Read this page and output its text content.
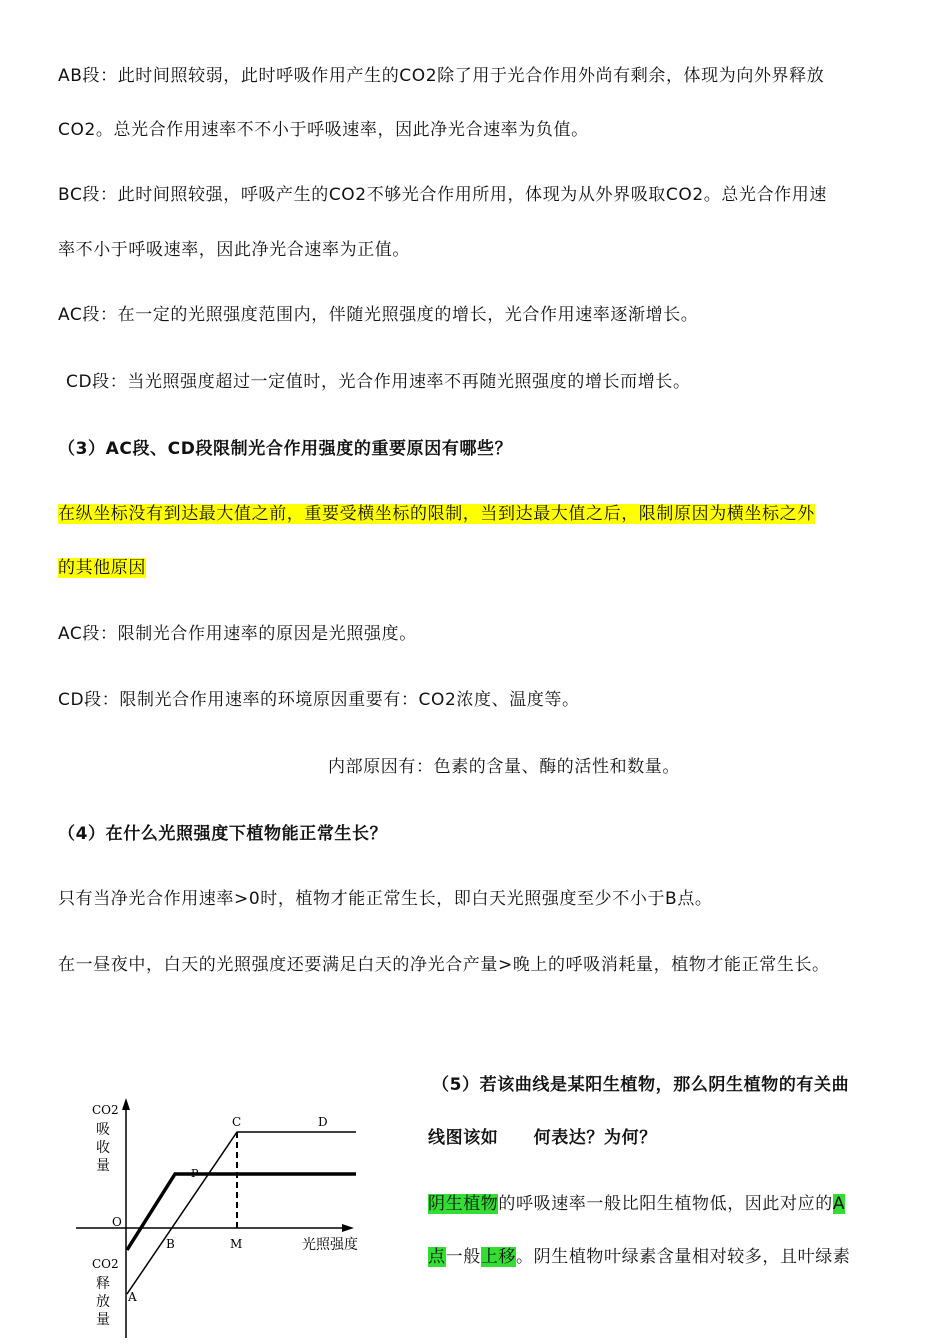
AB段：此时间照较弱，此时呼吸作用产生的CO2除了用于光合作用外尚有剩余，体现为向外界释放
CO2。总光合作用速率不不小于呼吸速率，因此净光合速率为负值。
BC段：此时间照较强，呼吸产生的CO2不够光合作用所用，体现为从外界吸取CO2。总光合作用速
率不小于呼吸速率，因此净光合速率为正值。
AC段：在一定的光照强度范围内，伴随光照强度的增长，光合作用速率逐渐增长。
CD段：当光照强度超过一定值时，光合作用速率不再随光照强度的增长而增长。
（3）AC段、CD段限制光合作用强度的重要原因有哪些？
在纵坐标没有到达最大值之前，重要受横坐标的限制，当到达最大值之后，限制原因为横坐标之外
的其他原因
AC段：限制光合作用速率的原因是光照强度。
CD段：限制光合作用速率的环境原因重要有：CO2浓度、温度等。
内部原因有：色素的含量、酶的活性和数量。
（4）在什么光照强度下植物能正常生长？
只有当净光合作用速率>0时，植物才能正常生长，即白天光照强度至少不小于B点。
在一昼夜中，白天的光照强度还要满足白天的净光合产量>晚上的呼吸消耗量，植物才能正常生长。
（5）若该曲线是某阳生植物，那么阴生植物的有关曲
线图该如　　何表达？为何？
阴生植物的呼吸速率一般比阳生植物低，因此对应的A
点一般上移。阴生植物叶绿素含量相对较多，且叶绿素
CO2
吸
收
量
CO2
释
放
量
光照强度
O
A
B
C	D
P
M
